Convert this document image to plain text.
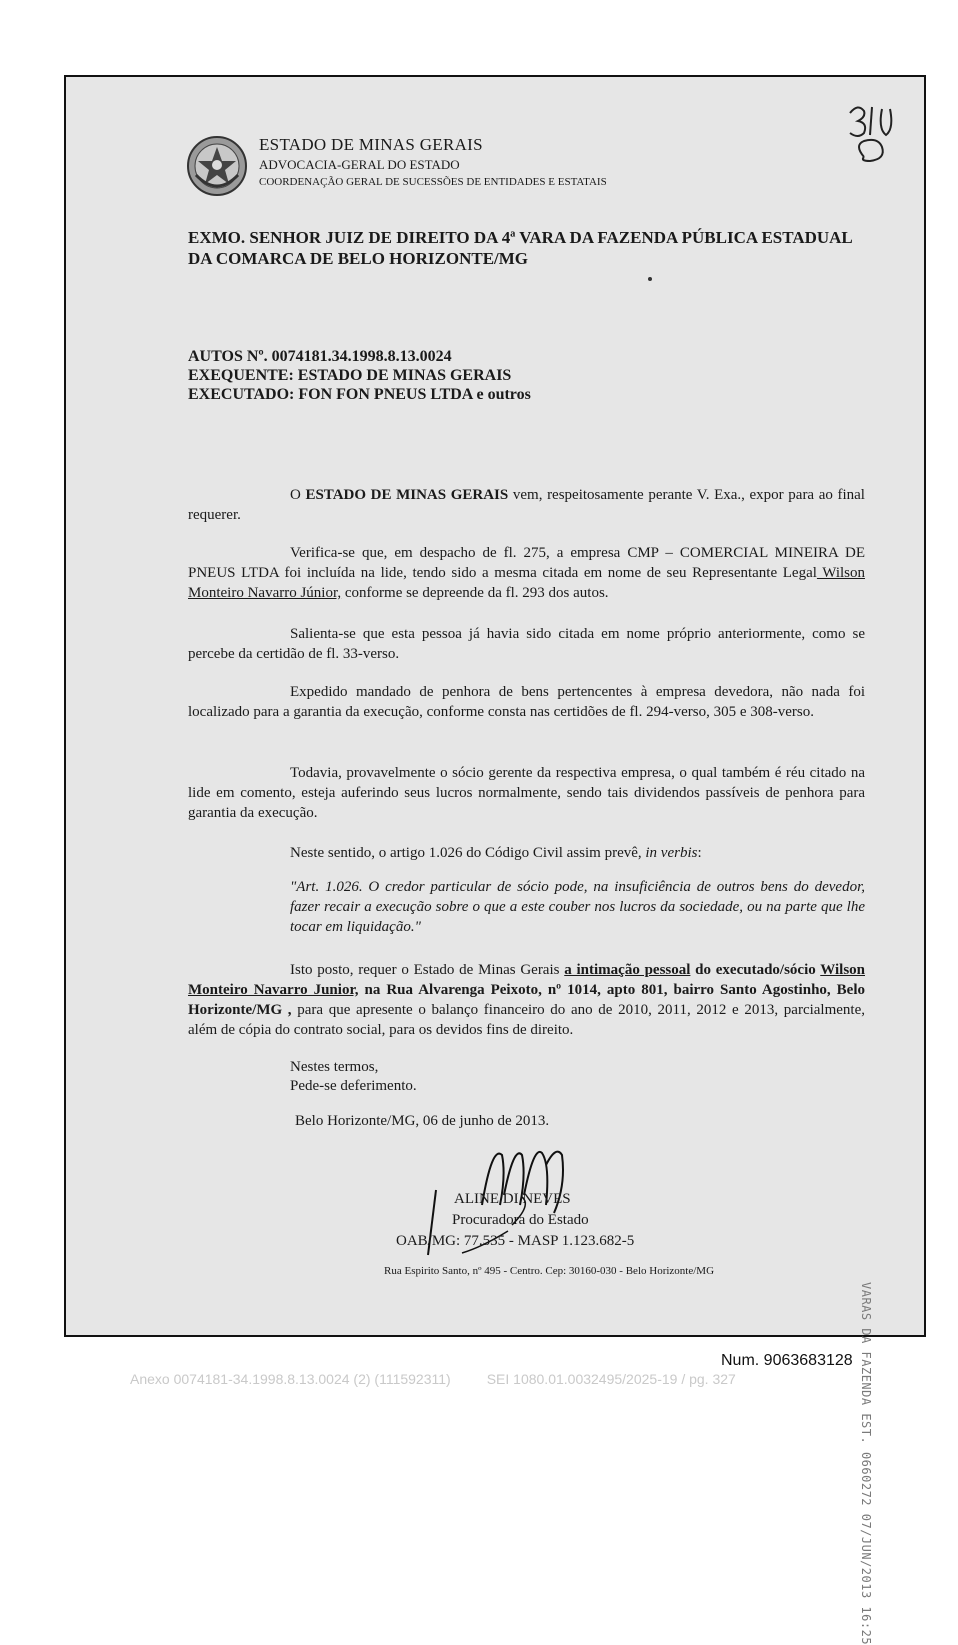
ESTADO DE MINAS GERAIS
ADVOCACIA-GERAL DO ESTADO
COORDENAÇÃO GERAL DE SUCESSÕES DE ENTIDADES E ESTATAIS
EXMO. SENHOR JUIZ DE DIREITO DA 4ª VARA DA FAZENDA PÚBLICA ESTADUAL
DA COMARCA DE BELO HORIZONTE/MG
AUTOS Nº. 0074181.34.1998.8.13.0024
EXEQUENTE: ESTADO DE MINAS GERAIS
EXECUTADO: FON FON PNEUS LTDA e outros
O ESTADO DE MINAS GERAIS vem, respeitosamente perante V. Exa., expor para ao final requerer.
Verifica-se que, em despacho de fl. 275, a empresa CMP – COMERCIAL MINEIRA DE PNEUS LTDA foi incluída na lide, tendo sido a mesma citada em nome de seu Representante Legal Wilson Monteiro Navarro Júnior, conforme se depreende da fl. 293 dos autos.
Salienta-se que esta pessoa já havia sido citada em nome próprio anteriormente, como se percebe da certidão de fl. 33-verso.
Expedido mandado de penhora de bens pertencentes à empresa devedora, não nada foi localizado para a garantia da execução, conforme consta nas certidões de fl. 294-verso, 305 e 308-verso.
Todavia, provavelmente o sócio gerente da respectiva empresa, o qual também é réu citado na lide em comento, esteja auferindo seus lucros normalmente, sendo tais dividendos passíveis de penhora para garantia da execução.
Neste sentido, o artigo 1.026 do Código Civil assim prevê, in verbis:
"Art. 1.026. O credor particular de sócio pode, na insuficiência de outros bens do devedor, fazer recair a execução sobre o que a este couber nos lucros da sociedade, ou na parte que lhe tocar em liquidação."
Isto posto, requer o Estado de Minas Gerais a intimação pessoal do executado/sócio Wilson Monteiro Navarro Junior, na Rua Alvarenga Peixoto, nº 1014, apto 801, bairro Santo Agostinho, Belo Horizonte/MG , para que apresente o balanço financeiro do ano de 2010, 2011, 2012 e 2013, parcialmente, além de cópia do contrato social, para os devidos fins de direito.
Nestes termos,
Pede-se deferimento.
Belo Horizonte/MG, 06 de junho de 2013.
ALINE DI NEVES
Procuradora do Estado
OAB/MG: 77.535 - MASP 1.123.682-5
Rua Espirito Santo, nº 495 - Centro. Cep: 30160-030 - Belo Horizonte/MG
VARAS DA FAZENDA EST. 0660272 07/JUN/2013 16:25
Num. 9063683128
Anexo 0074181-34.1998.8.13.0024 (2) (111592311)	SEI 1080.01.0032495/2025-19 / pg. 327
